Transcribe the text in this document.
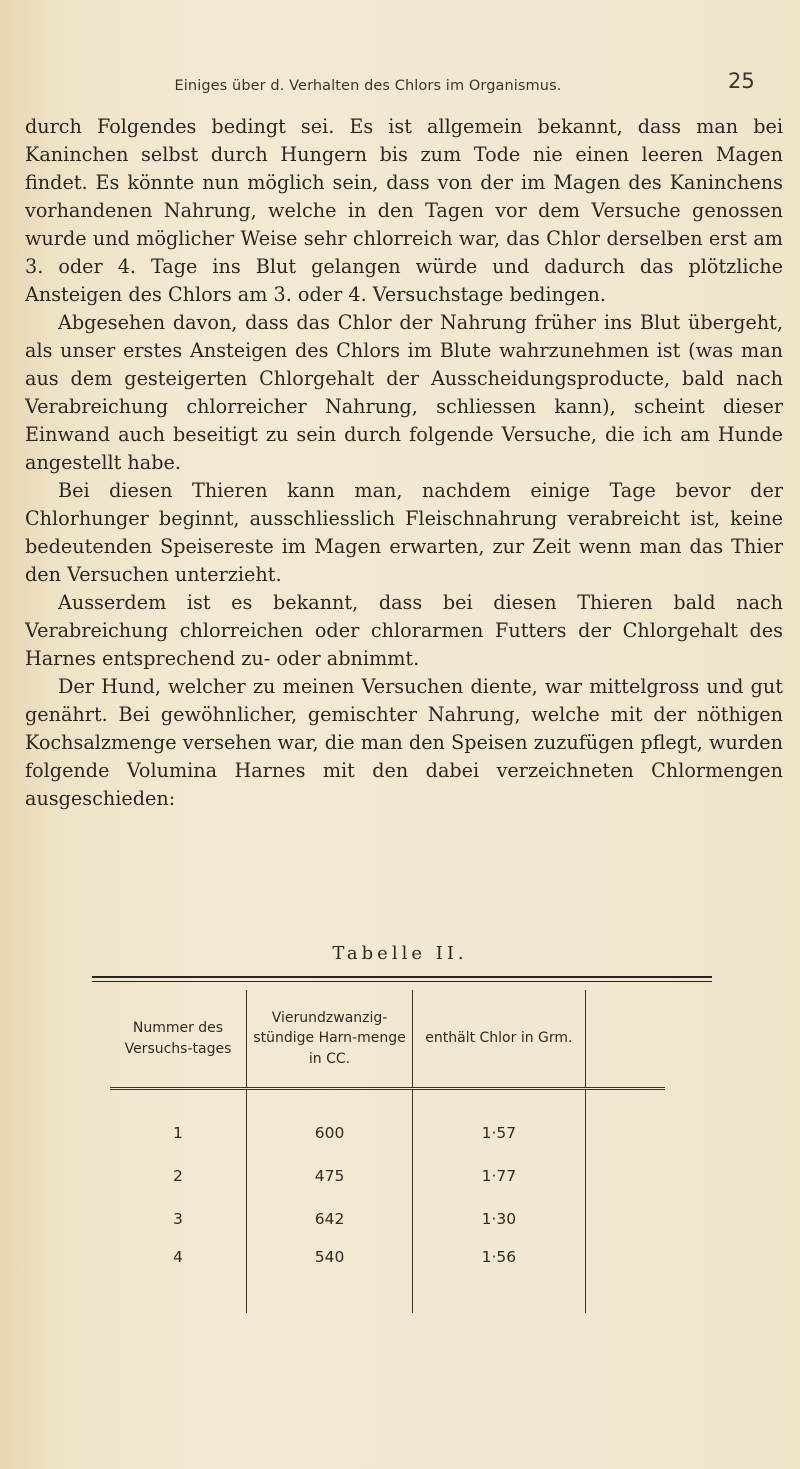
Einiges über d. Verhalten des Chlors im Organismus.	25

durch Folgendes bedingt sei. Es ist allgemein bekannt, dass man bei Kaninchen selbst durch Hungern bis zum Tode nie einen leeren Magen findet. Es könnte nun möglich sein, dass von der im Magen des Kaninchens vorhandenen Nahrung, welche in den Tagen vor dem Versuche genossen wurde und möglicher Weise sehr chlorreich war, das Chlor derselben erst am 3. oder 4. Tage ins Blut gelangen würde und dadurch das plötzliche Ansteigen des Chlors am 3. oder 4. Versuchstage bedingen.

Abgesehen davon, dass das Chlor der Nahrung früher ins Blut übergeht, als unser erstes Ansteigen des Chlors im Blute wahrzunehmen ist (was man aus dem gesteigerten Chlorgehalt der Ausscheidungsproducte, bald nach Verabreichung chlorreicher Nahrung, schliessen kann), scheint dieser Einwand auch beseitigt zu sein durch folgende Versuche, die ich am Hunde angestellt habe.

Bei diesen Thieren kann man, nachdem einige Tage bevor der Chlorhunger beginnt, ausschliesslich Fleischnahrung verabreicht ist, keine bedeutenden Speisereste im Magen erwarten, zur Zeit wenn man das Thier den Versuchen unterzieht.

Ausserdem ist es bekannt, dass bei diesen Thieren bald nach Verabreichung chlorreichen oder chlorarmen Futters der Chlorgehalt des Harnes entsprechend zu- oder abnimmt.

Der Hund, welcher zu meinen Versuchen diente, war mittelgross und gut genährt. Bei gewöhnlicher, gemischter Nahrung, welche mit der nöthigen Kochsalzmenge versehen war, die man den Speisen zuzufügen pflegt, wurden folgende Volumina Harnes mit den dabei verzeichneten Chlormengen ausgeschieden:

Tabelle II.
Nummer des Versuchs-tages	Vierundzwanzig-stündige Harn-menge in CC.	enthält Chlor in Grm.	
1	600	1·57	
2	475	1·77	
3	642	1·30	
4	540	1·56	
